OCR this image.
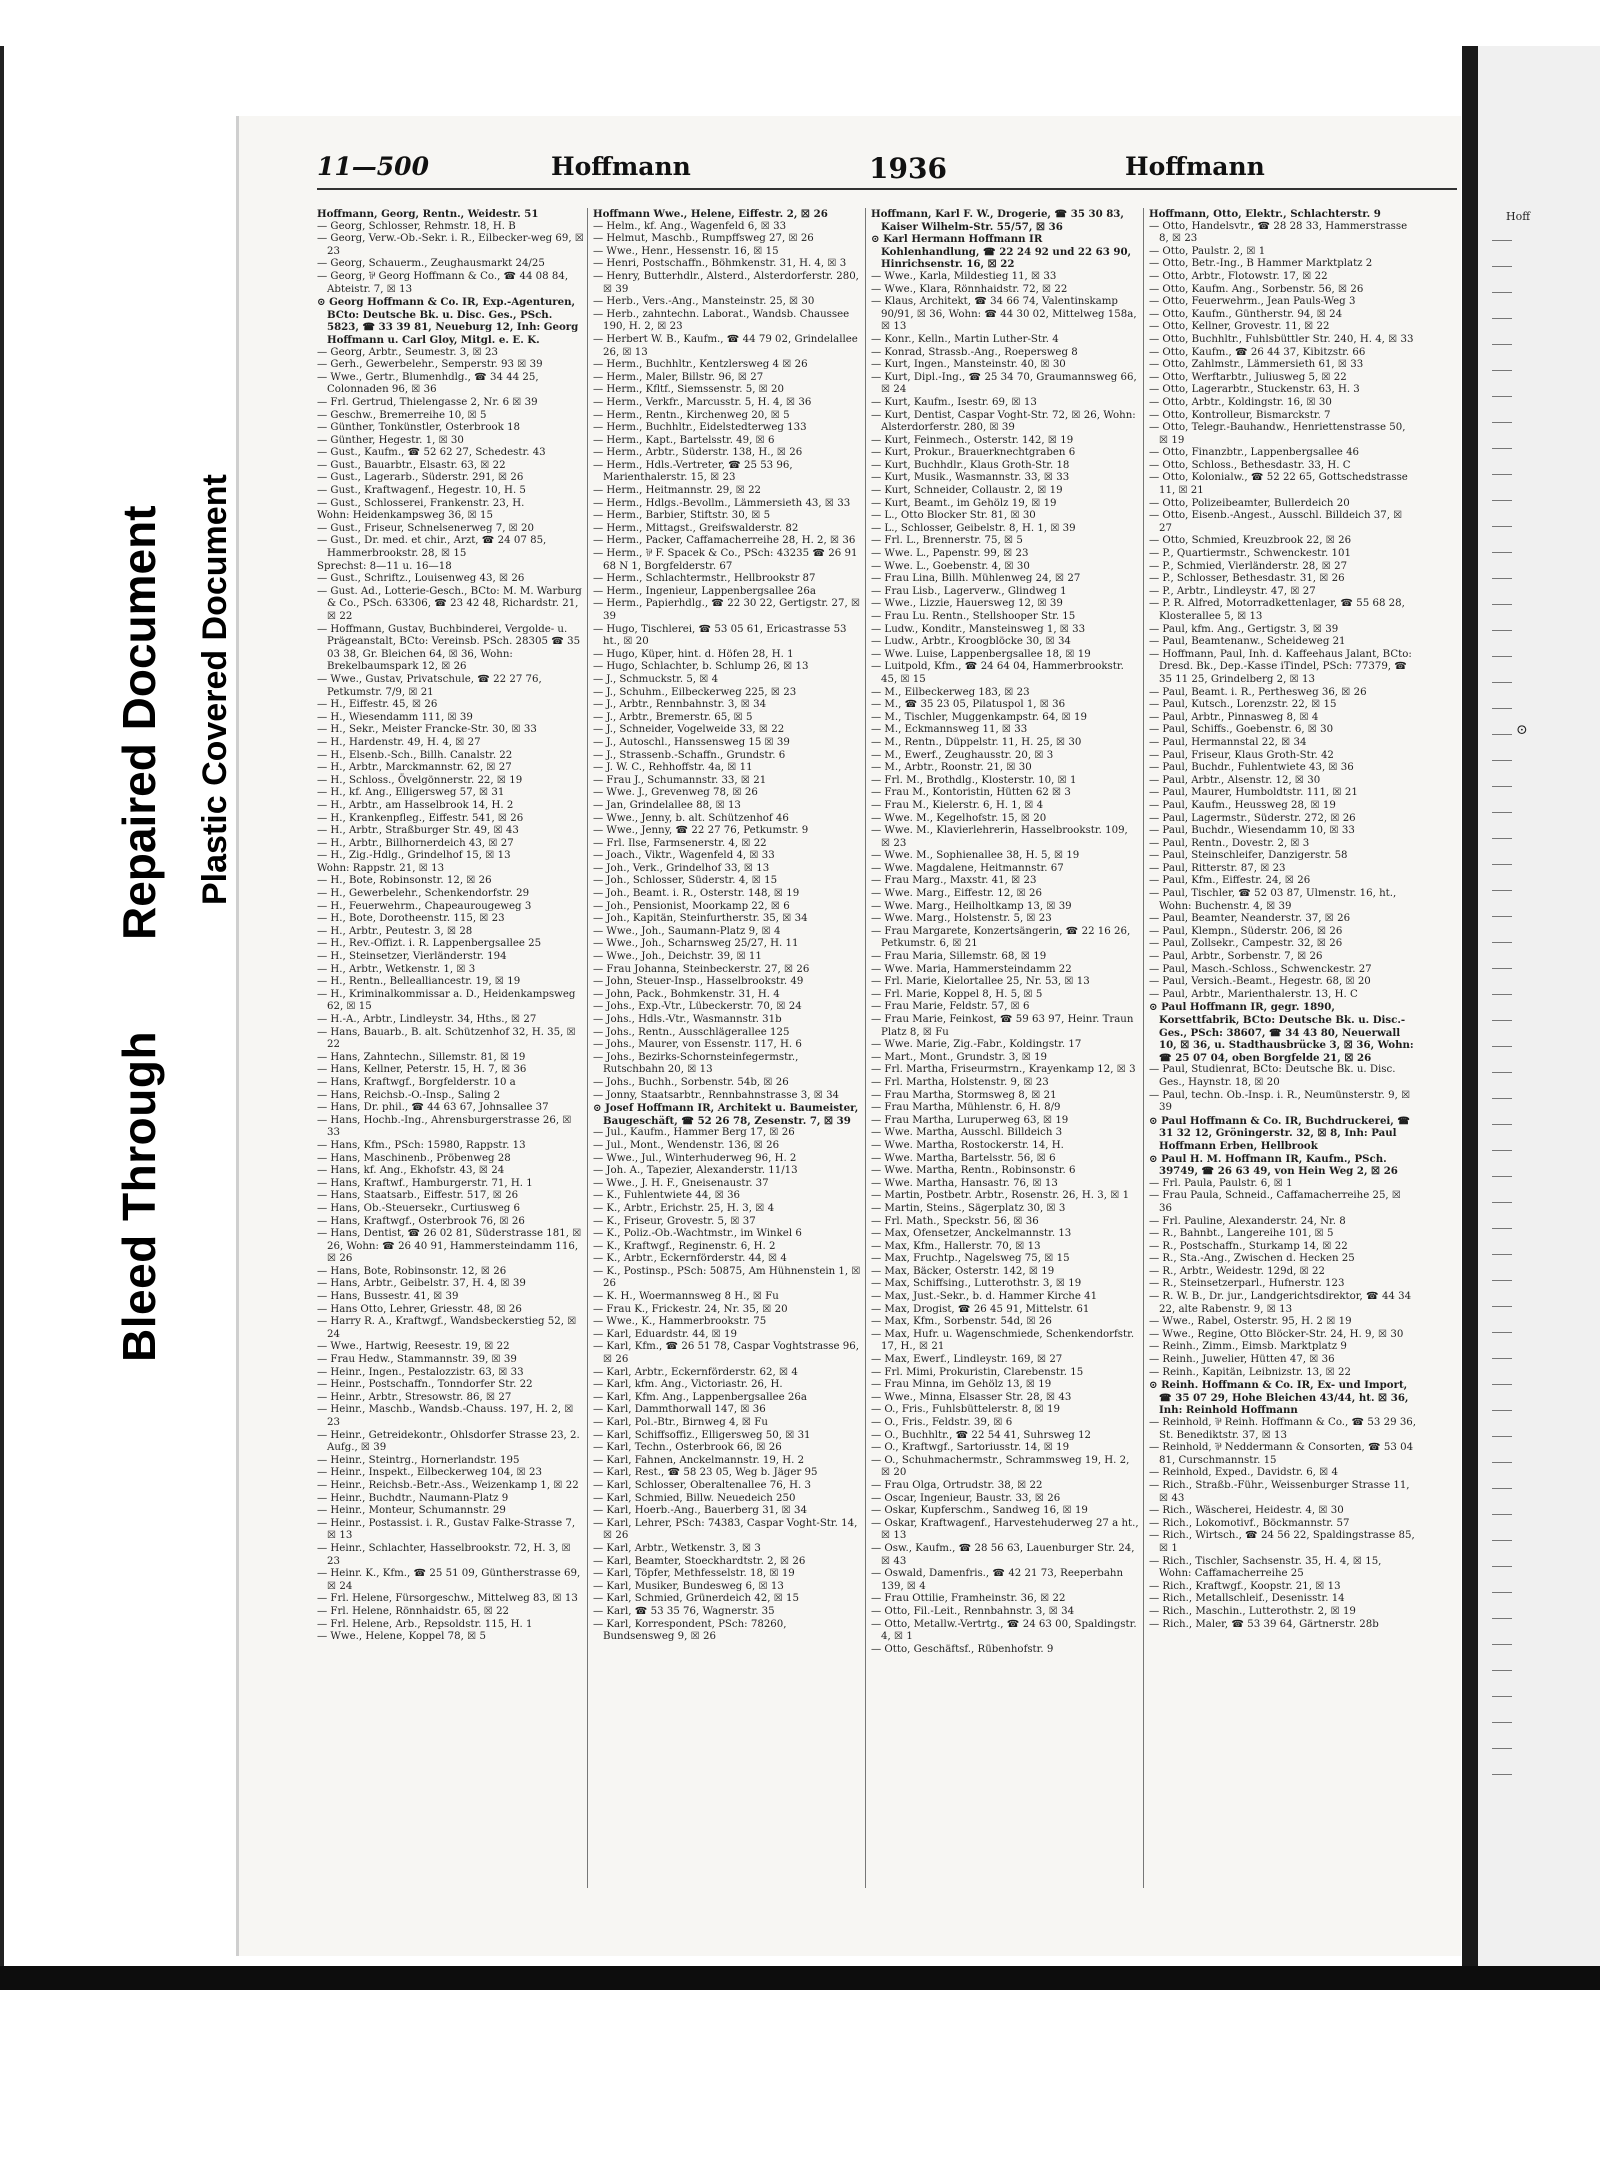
Bleed Through
Repaired Document Plastic Covered Document
11—500	Hoffmann	1936	Hoffmann

Hoffmann, Georg, Rentn., Weidestr. 51

— Georg, Schlosser, Rehmstr. 18, H. B

— Georg, Verw.-Ob.-Sekr. i. R., Eilbecker-weg 69, ☒ 23

— Georg, Schauerm., Zeughausmarkt 24/25

— Georg, ⅌ Georg Hoffmann & Co., ☎ 44 08 84, Abteistr. 7, ☒ 13

⊙ Georg Hoffmann & Co. IR, Exp.-Agenturen, BCto: Deutsche Bk. u. Disc. Ges., PSch. 5823, ☎ 33 39 81, Neueburg 12, Inh: Georg Hoffmann u. Carl Gloy, Mitgl. e. E. K.

— Georg, Arbtr., Seumestr. 3, ☒ 23

— Gerh., Gewerbelehr., Semperstr. 93 ☒ 39

— Wwe., Gertr., Blumenhdlg., ☎ 34 44 25, Colonnaden 96, ☒ 36

— Frl. Gertrud, Thielengasse 2, Nr. 6 ☒ 39

— Geschw., Bremerreihe 10, ☒ 5

— Günther, Tonkünstler, Osterbrook 18

— Günther, Hegestr. 1, ☒ 30

— Gust., Kaufm., ☎ 52 62 27, Schedestr. 43

— Gust., Bauarbtr., Elsastr. 63, ☒ 22

— Gust., Lagerarb., Süderstr. 291, ☒ 26

— Gust., Kraftwagenf., Hegestr. 10, H. 5

— Gust., Schlosserei, Frankenstr. 23, H.

Wohn: Heidenkampsweg 36, ☒ 15

— Gust., Friseur, Schnelsenerweg 7, ☒ 20

— Gust., Dr. med. et chir., Arzt, ☎ 24 07 85, Hammerbrookstr. 28, ☒ 15

Sprechst: 8—11 u. 16—18

— Gust., Schriftz., Louisenweg 43, ☒ 26

— Gust. Ad., Lotterie-Gesch., BCto: M. M. Warburg & Co., PSch. 63306, ☎ 23 42 48, Richardstr. 21, ☒ 22

— Hoffmann, Gustav, Buchbinderei, Vergolde- u. Prägeanstalt, BCto: Vereinsb. PSch. 28305 ☎ 35 03 38, Gr. Bleichen 64, ☒ 36, Wohn: Brekelbaumspark 12, ☒ 26

— Wwe., Gustav, Privatschule, ☎ 22 27 76, Petkumstr. 7/9, ☒ 21

— H., Eiffestr. 45, ☒ 26

— H., Wiesendamm 111, ☒ 39

— H., Sekr., Meister Francke-Str. 30, ☒ 33

— H., Hardenstr. 49, H. 4, ☒ 27

— H., Elsenb.-Sch., Billh. Canalstr. 22

— H., Arbtr., Marckmannstr. 62, ☒ 27

— H., Schloss., Övelgönnerstr. 22, ☒ 19

— H., kf. Ang., Elligersweg 57, ☒ 31

— H., Arbtr., am Hasselbrook 14, H. 2

— H., Krankenpfleg., Eiffestr. 541, ☒ 26

— H., Arbtr., Straßburger Str. 49, ☒ 43

— H., Arbtr., Billhornerdeich 43, ☒ 27

— H., Zig.-Hdlg., Grindelhof 15, ☒ 13

Wohn: Rappstr. 21, ☒ 13

— H., Bote, Robinsonstr. 12, ☒ 26

— H., Gewerbelehr., Schenkendorfstr. 29

— H., Feuerwehrm., Chapeaurougeweg 3

— H., Bote, Dorotheenstr. 115, ☒ 23

— H., Arbtr., Peutestr. 3, ☒ 28

— H., Rev.-Offizt. i. R. Lappenbergsallee 25

— H., Steinsetzer, Vierländerstr. 194

— H., Arbtr., Wetkenstr. 1, ☒ 3

— H., Rentn., Bellealliancestr. 19, ☒ 19

— H., Kriminalkommissar a. D., Heidenkampsweg 62, ☒ 15

— H.-A., Arbtr., Lindleystr. 34, Hths., ☒ 27

— Hans, Bauarb., B. alt. Schützenhof 32, H. 35, ☒ 22

— Hans, Zahntechn., Sillemstr. 81, ☒ 19

— Hans, Kellner, Peterstr. 15, H. 7, ☒ 36

— Hans, Kraftwgf., Borgfelderstr. 10 a

— Hans, Reichsb.-O.-Insp., Saling 2

— Hans, Dr. phil., ☎ 44 63 67, Johnsallee 37

— Hans, Hochb.-Ing., Ahrensburgerstrasse 26, ☒ 33

— Hans, Kfm., PSch: 15980, Rappstr. 13

— Hans, Maschinenb., Pröbenweg 28

— Hans, kf. Ang., Ekhofstr. 43, ☒ 24

— Hans, Kraftwf., Hamburgerstr. 71, H. 1

— Hans, Staatsarb., Eiffestr. 517, ☒ 26

— Hans, Ob.-Steuersekr., Curtiusweg 6

— Hans, Kraftwgf., Osterbrook 76, ☒ 26

— Hans, Dentist, ☎ 26 02 81, Süderstrasse 181, ☒ 26, Wohn: ☎ 26 40 91, Hammersteindamm 116, ☒ 26

— Hans, Bote, Robinsonstr. 12, ☒ 26

— Hans, Arbtr., Geibelstr. 37, H. 4, ☒ 39

— Hans, Bussestr. 41, ☒ 39

— Hans Otto, Lehrer, Griesstr. 48, ☒ 26

— Harry R. A., Kraftwgf., Wandsbeckerstieg 52, ☒ 24

— Wwe., Hartwig, Reesestr. 19, ☒ 22

— Frau Hedw., Stammannstr. 39, ☒ 39

— Heinr., Ingen., Pestalozzistr. 63, ☒ 33

— Heinr., Postschaffn., Tonndorfer Str. 22

— Heinr., Arbtr., Stresowstr. 86, ☒ 27

— Heinr., Maschb., Wandsb.-Chauss. 197, H. 2, ☒ 23

— Heinr., Getreidekontr., Ohlsdorfer Strasse 23, 2. Aufg., ☒ 39

— Heinr., Steintrg., Hornerlandstr. 195

— Heinr., Inspekt., Eilbeckerweg 104, ☒ 23

— Heinr., Reichsb.-Betr.-Ass., Weizenkamp 1, ☒ 22

— Heinr., Buchdtr., Naumann-Platz 9

— Heinr., Monteur, Schumannstr. 29

— Heinr., Postassist. i. R., Gustav Falke-Strasse 7, ☒ 13

— Heinr., Schlachter, Hasselbrookstr. 72, H. 3, ☒ 23

— Heinr. K., Kfm., ☎ 25 51 09, Güntherstrasse 69, ☒ 24

— Frl. Helene, Fürsorgeschw., Mittelweg 83, ☒ 13

— Frl. Helene, Rönnhaidstr. 65, ☒ 22

— Frl. Helene, Arb., Repsoldstr. 115, H. 1

— Wwe., Helene, Koppel 78, ☒ 5

Hoffmann Wwe., Helene, Eiffestr. 2, ☒ 26

— Helm., kf. Ang., Wagenfeld 6, ☒ 33

— Helmut, Maschb., Rumpffsweg 27, ☒ 26

— Wwe., Henr., Hessenstr. 16, ☒ 15

— Henri, Postschaffn., Böhmkenstr. 31, H. 4, ☒ 3

— Henry, Butterhdlr., Alsterd., Alsterdorferstr. 280, ☒ 39

— Herb., Vers.-Ang., Mansteinstr. 25, ☒ 30

— Herb., zahntechn. Laborat., Wandsb. Chaussee 190, H. 2, ☒ 23

— Herbert W. B., Kaufm., ☎ 44 79 02, Grindelallee 26, ☒ 13

— Herm., Buchhltr., Kentzlersweg 4 ☒ 26

— Herm., Maler, Billstr. 96, ☒ 27

— Herm., Kfltf., Siemssenstr. 5, ☒ 20

— Herm., Verkfr., Marcusstr. 5, H. 4, ☒ 36

— Herm., Rentn., Kirchenweg 20, ☒ 5

— Herm., Buchhltr., Eidelstedterweg 133

— Herm., Kapt., Bartelsstr. 49, ☒ 6

— Herm., Arbtr., Süderstr. 138, H., ☒ 26

— Herm., Hdls.-Vertreter, ☎ 25 53 96, Marienthalerstr. 15, ☒ 23

— Herm., Heitmannstr. 29, ☒ 22

— Herm., Hdlgs.-Bevollm., Lämmersieth 43, ☒ 33

— Herm., Barbier, Stiftstr. 30, ☒ 5

— Herm., Mittagst., Greifswalderstr. 82

— Herm., Packer, Caffamacherreihe 28, H. 2, ☒ 36

— Herm., ⅌ F. Spacek & Co., PSch: 43235 ☎ 26 91 68 N 1, Borgfelderstr. 67

— Herm., Schlachtermstr., Hellbrookstr 87

— Herm., Ingenieur, Lappenbergsallee 26a

— Herm., Papierhdlg., ☎ 22 30 22, Gertigstr. 27, ☒ 39

— Hugo, Tischlerei, ☎ 53 05 61, Ericastrasse 53 ht., ☒ 20

— Hugo, Küper, hint. d. Höfen 28, H. 1

— Hugo, Schlachter, b. Schlump 26, ☒ 13

— J., Schmuckstr. 5, ☒ 4

— J., Schuhm., Eilbeckerweg 225, ☒ 23

— J., Arbtr., Rennbahnstr. 3, ☒ 34

— J., Arbtr., Bremerstr. 65, ☒ 5

— J., Schneider, Vogelweide 33, ☒ 22

— J., Autoschl., Hanssensweg 15 ☒ 39

— J., Strassenb.-Schaffn., Grundstr. 6

— J. W. C., Rehhoffstr. 4a, ☒ 11

— Frau J., Schumannstr. 33, ☒ 21

— Wwe. J., Grevenweg 78, ☒ 26

— Jan, Grindelallee 88, ☒ 13

— Wwe., Jenny, b. alt. Schützenhof 46

— Wwe., Jenny, ☎ 22 27 76, Petkumstr. 9

— Frl. Ilse, Farmsenerstr. 4, ☒ 22

— Joach., Viktr., Wagenfeld 4, ☒ 33

— Joh., Verk., Grindelhof 33, ☒ 13

— Joh., Schlosser, Süderstr. 4, ☒ 15

— Joh., Beamt. i. R., Osterstr. 148, ☒ 19

— Joh., Pensionist, Moorkamp 22, ☒ 6

— Joh., Kapitän, Steinfurtherstr. 35, ☒ 34

— Wwe., Joh., Saumann-Platz 9, ☒ 4

— Wwe., Joh., Scharnsweg 25/27, H. 11

— Wwe., Joh., Deichstr. 39, ☒ 11

— Frau Johanna, Steinbeckerstr. 27, ☒ 26

— John, Steuer-Insp., Hasselbrookstr. 49

— John, Pack., Bohmkenstr. 31, H. 4

— Johs., Exp.-Vtr., Lübeckerstr. 70, ☒ 24

— Johs., Hdls.-Vtr., Wasmannstr. 31b

— Johs., Rentn., Ausschlägerallee 125

— Johs., Maurer, von Essenstr. 117, H. 6

— Johs., Bezirks-Schornsteinfegermstr., Rutschbahn 20, ☒ 13

— Johs., Buchh., Sorbenstr. 54b, ☒ 26

— Jonny, Staatsarbtr., Rennbahnstrasse 3, ☒ 34

⊙ Josef Hoffmann IR, Architekt u. Baumeister, Baugeschäft, ☎ 52 26 78, Zesenstr. 7, ☒ 39

— Jul., Kaufm., Hammer Berg 17, ☒ 26

— Jul., Mont., Wendenstr. 136, ☒ 26

— Wwe., Jul., Winterhuderweg 96, H. 2

— Joh. A., Tapezier, Alexanderstr. 11/13

— Wwe., J. H. F., Gneisenaustr. 37

— K., Fuhlentwiete 44, ☒ 36

— K., Arbtr., Erichstr. 25, H. 3, ☒ 4

— K., Friseur, Grovestr. 5, ☒ 37

— K., Poliz.-Ob.-Wachtmstr., im Winkel 6

— K., Kraftwgf., Reginenstr. 6, H. 2

— K., Arbtr., Eckernförderstr. 44, ☒ 4

— K., Postinsp., PSch: 50875, Am Hühnenstein 1, ☒ 26

— K. H., Woermannsweg 8 H., ☒ Fu

— Frau K., Frickestr. 24, Nr. 35, ☒ 20

— Wwe., K., Hammerbrookstr. 75

— Karl, Eduardstr. 44, ☒ 19

— Karl, Kfm., ☎ 26 51 78, Caspar Voghtstrasse 96, ☒ 26

— Karl, Arbtr., Eckernförderstr. 62, ☒ 4

— Karl, kfm. Ang., Victoriastr. 26, H.

— Karl, Kfm. Ang., Lappenbergsallee 26a

— Karl, Dammthorwall 147, ☒ 36

— Karl, Pol.-Btr., Birnweg 4, ☒ Fu

— Karl, Schiffsoffiz., Elligersweg 50, ☒ 31

— Karl, Techn., Osterbrook 66, ☒ 26

— Karl, Fahnen, Anckelmannstr. 19, H. 2

— Karl, Rest., ☎ 58 23 05, Weg b. Jäger 95

— Karl, Schlosser, Oberaltenallee 76, H. 3

— Karl, Schmied, Billw. Neuedeich 250

— Karl, Hoerb.-Ang., Bauerberg 31, ☒ 34

— Karl, Lehrer, PSch: 74383, Caspar Voght-Str. 14, ☒ 26

— Karl, Arbtr., Wetkenstr. 3, ☒ 3

— Karl, Beamter, Stoeckhardtstr. 2, ☒ 26

— Karl, Töpfer, Methfesselstr. 18, ☒ 19

— Karl, Musiker, Bundesweg 6, ☒ 13

— Karl, Schmied, Grünerdeich 42, ☒ 15

— Karl, ☎ 53 35 76, Wagnerstr. 35

— Karl, Korrespondent, PSch: 78260, Bundsensweg 9, ☒ 26

Hoffmann, Karl F. W., Drogerie, ☎ 35 30 83, Kaiser Wilhelm-Str. 55/57, ☒ 36

⊙ Karl Hermann Hoffmann IR Kohlenhandlung, ☎ 22 24 92 und 22 63 90, Hinrichsenstr. 16, ☒ 22

— Wwe., Karla, Mildestieg 11, ☒ 33

— Wwe., Klara, Rönnhaidstr. 72, ☒ 22

— Klaus, Architekt, ☎ 34 66 74, Valentinskamp 90/91, ☒ 36, Wohn: ☎ 44 30 02, Mittelweg 158a, ☒ 13

— Konr., Kelln., Martin Luther-Str. 4

— Konrad, Strassb.-Ang., Roepersweg 8

— Kurt, Ingen., Mansteinstr. 40, ☒ 30

— Kurt, Dipl.-Ing., ☎ 25 34 70, Graumannsweg 66, ☒ 24

— Kurt, Kaufm., Isestr. 69, ☒ 13

— Kurt, Dentist, Caspar Voght-Str. 72, ☒ 26, Wohn: Alsterdorferstr. 280, ☒ 39

— Kurt, Feinmech., Osterstr. 142, ☒ 19

— Kurt, Prokur., Brauerknechtgraben 6

— Kurt, Buchhdlr., Klaus Groth-Str. 18

— Kurt, Musik., Wasmannstr. 33, ☒ 33

— Kurt, Schneider, Collaustr. 2, ☒ 19

— Kurt, Beamt., im Gehölz 19, ☒ 19

— L., Otto Blocker Str. 81, ☒ 30

— L., Schlosser, Geibelstr. 8, H. 1, ☒ 39

— Frl. L., Brennerstr. 75, ☒ 5

— Wwe. L., Papenstr. 99, ☒ 23

— Wwe. L., Goebenstr. 4, ☒ 30

— Frau Lina, Billh. Mühlenweg 24, ☒ 27

— Frau Lisb., Lagerverw., Glindweg 1

— Wwe., Lizzie, Hauersweg 12, ☒ 39

— Frau Lu. Rentn., Stellshooper Str. 15

— Ludw., Konditr., Mansteinsweg 1, ☒ 33

— Ludw., Arbtr., Kroogblöcke 30, ☒ 34

— Wwe. Luise, Lappenbergsallee 18, ☒ 19

— Luitpold, Kfm., ☎ 24 64 04, Hammerbrookstr. 45, ☒ 15

— M., Eilbeckerweg 183, ☒ 23

— M., ☎ 35 23 05, Pilatuspol 1, ☒ 36

— M., Tischler, Muggenkampstr. 64, ☒ 19

— M., Eckmannsweg 11, ☒ 33

— M., Rentn., Düppelstr. 11, H. 25, ☒ 30

— M., Ewerf., Zeughausstr. 20, ☒ 3

— M., Arbtr., Roonstr. 21, ☒ 30

— Frl. M., Brothdlg., Klosterstr. 10, ☒ 1

— Frau M., Kontoristin, Hütten 62 ☒ 3

— Frau M., Kielerstr. 6, H. 1, ☒ 4

— Wwe. M., Kegelhofstr. 15, ☒ 20

— Wwe. M., Klavierlehrerin, Hasselbrookstr. 109, ☒ 23

— Wwe. M., Sophienallee 38, H. 5, ☒ 19

— Wwe. Magdalene, Heitmannstr. 67

— Frau Marg., Maxstr. 41, ☒ 23

— Wwe. Marg., Eiffestr. 12, ☒ 26

— Wwe. Marg., Heilholtkamp 13, ☒ 39

— Wwe. Marg., Holstenstr. 5, ☒ 23

— Frau Margarete, Konzertsängerin, ☎ 22 16 26, Petkumstr. 6, ☒ 21

— Frau Maria, Sillemstr. 68, ☒ 19

— Wwe. Maria, Hammersteindamm 22

— Frl. Marie, Kielortallee 25, Nr. 53, ☒ 13

— Frl. Marie, Koppel 8, H. 5, ☒ 5

— Frau Marie, Feldstr. 57, ☒ 6

— Frau Marie, Feinkost, ☎ 59 63 97, Heinr. Traun Platz 8, ☒ Fu

— Wwe. Marie, Zig.-Fabr., Koldingstr. 17

— Mart., Mont., Grundstr. 3, ☒ 19

— Frl. Martha, Friseurmstrn., Krayenkamp 12, ☒ 3

— Frl. Martha, Holstenstr. 9, ☒ 23

— Frau Martha, Stormsweg 8, ☒ 21

— Frau Martha, Mühlenstr. 6, H. 8/9

— Frau Martha, Luruperweg 63, ☒ 19

— Wwe. Martha, Ausschl. Billdeich 3

— Wwe. Martha, Rostockerstr. 14, H.

— Wwe. Martha, Bartelsstr. 56, ☒ 6

— Wwe. Martha, Rentn., Robinsonstr. 6

— Wwe. Martha, Hansastr. 76, ☒ 13

— Martin, Postbetr. Arbtr., Rosenstr. 26, H. 3, ☒ 1

— Martin, Steins., Sägerplatz 30, ☒ 3

— Frl. Math., Speckstr. 56, ☒ 36

— Max, Ofensetzer, Anckelmannstr. 13

— Max, Kfm., Hallerstr. 70, ☒ 13

— Max, Fruchtp., Nagelsweg 75, ☒ 15

— Max, Bäcker, Osterstr. 142, ☒ 19

— Max, Schiffsing., Lutterothstr. 3, ☒ 19

— Max, Just.-Sekr., b. d. Hammer Kirche 41

— Max, Drogist, ☎ 26 45 91, Mittelstr. 61

— Max, Kfm., Sorbenstr. 54d, ☒ 26

— Max, Hufr. u. Wagenschmiede, Schenkendorfstr. 17, H., ☒ 21

— Max, Ewerf., Lindleystr. 169, ☒ 27

— Frl. Mimi, Prokuristin, Clarebenstr. 15

— Frau Minna, im Gehölz 13, ☒ 19

— Wwe., Minna, Elsasser Str. 28, ☒ 43

— O., Fris., Fuhlsbüttelerstr. 8, ☒ 19

— O., Fris., Feldstr. 39, ☒ 6

— O., Buchhltr., ☎ 22 54 41, Suhrsweg 12

— O., Kraftwgf., Sartoriusstr. 14, ☒ 19

— O., Schuhmachermstr., Schrammsweg 19, H. 2, ☒ 20

— Frau Olga, Ortrudstr. 38, ☒ 22

— Oscar, Ingenieur, Baustr. 33, ☒ 26

— Oskar, Kupferschm., Sandweg 16, ☒ 19

— Oskar, Kraftwagenf., Harvestehuderweg 27 a ht., ☒ 13

— Osw., Kaufm., ☎ 28 56 63, Lauenburger Str. 24, ☒ 43

— Oswald, Damenfris., ☎ 42 21 73, Reeperbahn 139, ☒ 4

— Frau Ottilie, Framheinstr. 36, ☒ 22

— Otto, Fil.-Leit., Rennbahnstr. 3, ☒ 34

— Otto, Metallw.-Vertrtg., ☎ 24 63 00, Spaldingstr. 4, ☒ 1

— Otto, Geschäftsf., Rübenhofstr. 9

Hoffmann, Otto, Elektr., Schlachterstr. 9

— Otto, Handelsvtr., ☎ 28 28 33, Hammerstrasse 8, ☒ 23

— Otto, Paulstr. 2, ☒ 1

— Otto, Betr.-Ing., B Hammer Marktplatz 2

— Otto, Arbtr., Flotowstr. 17, ☒ 22

— Otto, Kaufm. Ang., Sorbenstr. 56, ☒ 26

— Otto, Feuerwehrm., Jean Pauls-Weg 3

— Otto, Kaufm., Güntherstr. 94, ☒ 24

— Otto, Kellner, Grovestr. 11, ☒ 22

— Otto, Buchhltr., Fuhlsbüttler Str. 240, H. 4, ☒ 33

— Otto, Kaufm., ☎ 26 44 37, Kibitzstr. 66

— Otto, Zahlmstr., Lämmersieth 61, ☒ 33

— Otto, Werftarbtr., Juliusweg 5, ☒ 22

— Otto, Lagerarbtr., Stuckenstr. 63, H. 3

— Otto, Arbtr., Koldingstr. 16, ☒ 30

— Otto, Kontrolleur, Bismarckstr. 7

— Otto, Telegr.-Bauhandw., Henriettenstrasse 50, ☒ 19

— Otto, Finanzbtr., Lappenbergsallee 46

— Otto, Schloss., Bethesdastr. 33, H. C

— Otto, Kolonialw., ☎ 52 22 65, Gottschedstrasse 11, ☒ 21

— Otto, Polizeibeamter, Bullerdeich 20

— Otto, Eisenb.-Angest., Ausschl. Billdeich 37, ☒ 27

— Otto, Schmied, Kreuzbrook 22, ☒ 26

— P., Quartiermstr., Schwenckestr. 101

— P., Schmied, Vierländerstr. 28, ☒ 27

— P., Schlosser, Bethesdastr. 31, ☒ 26

— P., Arbtr., Lindleystr. 47, ☒ 27

— P. R. Alfred, Motorradkettenlager, ☎ 55 68 28, Klosterallee 5, ☒ 13

— Paul, kfm. Ang., Gertigstr. 3, ☒ 39

— Paul, Beamtenanw., Scheideweg 21

— Hoffmann, Paul, Inh. d. Kaffeehaus Jalant, BCto: Dresd. Bk., Dep.-Kasse iTindel, PSch: 77379, ☎ 35 11 25, Grindelberg 2, ☒ 13

— Paul, Beamt. i. R., Perthesweg 36, ☒ 26

— Paul, Kutsch., Lorenzstr. 22, ☒ 15

— Paul, Arbtr., Pinnasweg 8, ☒ 4

— Paul, Schiffs., Goebenstr. 6, ☒ 30

— Paul, Hermannstal 22, ☒ 34

— Paul, Friseur, Klaus Groth-Str. 42

— Paul, Buchdr., Fuhlentwiete 43, ☒ 36

— Paul, Arbtr., Alsenstr. 12, ☒ 30

— Paul, Maurer, Humboldtstr. 111, ☒ 21

— Paul, Kaufm., Heussweg 28, ☒ 19

— Paul, Lagermstr., Süderstr. 272, ☒ 26

— Paul, Buchdr., Wiesendamm 10, ☒ 33

— Paul, Rentn., Dovestr. 2, ☒ 3

— Paul, Steinschleifer, Danzigerstr. 58

— Paul, Ritterstr. 87, ☒ 23

— Paul, Kfm., Eiffestr. 24, ☒ 26

— Paul, Tischler, ☎ 52 03 87, Ulmenstr. 16, ht., Wohn: Buchenstr. 4, ☒ 39

— Paul, Beamter, Neanderstr. 37, ☒ 26

— Paul, Klempn., Süderstr. 206, ☒ 26

— Paul, Zollsekr., Campestr. 32, ☒ 26

— Paul, Arbtr., Sorbenstr. 7, ☒ 26

— Paul, Masch.-Schloss., Schwenckestr. 27

— Paul, Versich.-Beamt., Hegestr. 68, ☒ 20

— Paul, Arbtr., Marienthalerstr. 13, H. C

⊙ Paul Hoffmann IR, gegr. 1890, Korsettfabrik, BCto: Deutsche Bk. u. Disc.-Ges., PSch: 38607, ☎ 34 43 80, Neuerwall 10, ☒ 36, u. Stadthausbrücke 3, ☒ 36, Wohn: ☎ 25 07 04, oben Borgfelde 21, ☒ 26

— Paul, Studienrat, BCto: Deutsche Bk. u. Disc. Ges., Haynstr. 18, ☒ 20

— Paul, techn. Ob.-Insp. i. R., Neumünsterstr. 9, ☒ 39

⊙ Paul Hoffmann & Co. IR, Buchdruckerei, ☎ 31 32 12, Gröningerstr. 32, ☒ 8, Inh: Paul Hoffmann Erben, Hellbrook

⊙ Paul H. M. Hoffmann IR, Kaufm., PSch. 39749, ☎ 26 63 49, von Hein Weg 2, ☒ 26

— Frl. Paula, Paulstr. 6, ☒ 1

— Frau Paula, Schneid., Caffamacherreihe 25, ☒ 36

— Frl. Pauline, Alexanderstr. 24, Nr. 8

— R., Bahnbt., Langereihe 101, ☒ 5

— R., Postschaffn., Sturkamp 14, ☒ 22

— R., Sta.-Ang., Zwischen d. Hecken 25

— R., Arbtr., Weidestr. 129d, ☒ 22

— R., Steinsetzerparl., Hufnerstr. 123

— R. W. B., Dr. jur., Landgerichtsdirektor, ☎ 44 34 22, alte Rabenstr. 9, ☒ 13

— Wwe., Rabel, Osterstr. 95, H. 2 ☒ 19

— Wwe., Regine, Otto Blöcker-Str. 24, H. 9, ☒ 30

— Reinh., Zimm., Eimsb. Marktplatz 9

— Reinh., Juwelier, Hütten 47, ☒ 36

— Reinh., Kapitän, Leibnizstr. 13, ☒ 22

⊙ Reinh. Hoffmann & Co. IR, Ex- und Import, ☎ 35 07 29, Hohe Bleichen 43/44, ht. ☒ 36, Inh: Reinhold Hoffmann

— Reinhold, ⅌ Reinh. Hoffmann & Co., ☎ 53 29 36, St. Benediktstr. 37, ☒ 13

— Reinhold, ⅌ Neddermann & Consorten, ☎ 53 04 81, Curschmannstr. 15

— Reinhold, Exped., Davidstr. 6, ☒ 4

— Rich., Straßb.-Führ., Weissenburger Strasse 11, ☒ 43

— Rich., Wäscherei, Heidestr. 4, ☒ 30

— Rich., Lokomotivf., Böckmannstr. 57

— Rich., Wirtsch., ☎ 24 56 22, Spaldingstrasse 85, ☒ 1

— Rich., Tischler, Sachsenstr. 35, H. 4, ☒ 15, Wohn: Caffamacherreihe 25

— Rich., Kraftwgf., Koopstr. 21, ☒ 13

— Rich., Metallschleif., Desenisstr. 14

— Rich., Maschin., Lutterothstr. 2, ☒ 19

— Rich., Maler, ☎ 53 39 64, Gärtnerstr. 28b

Hoff
⊙
